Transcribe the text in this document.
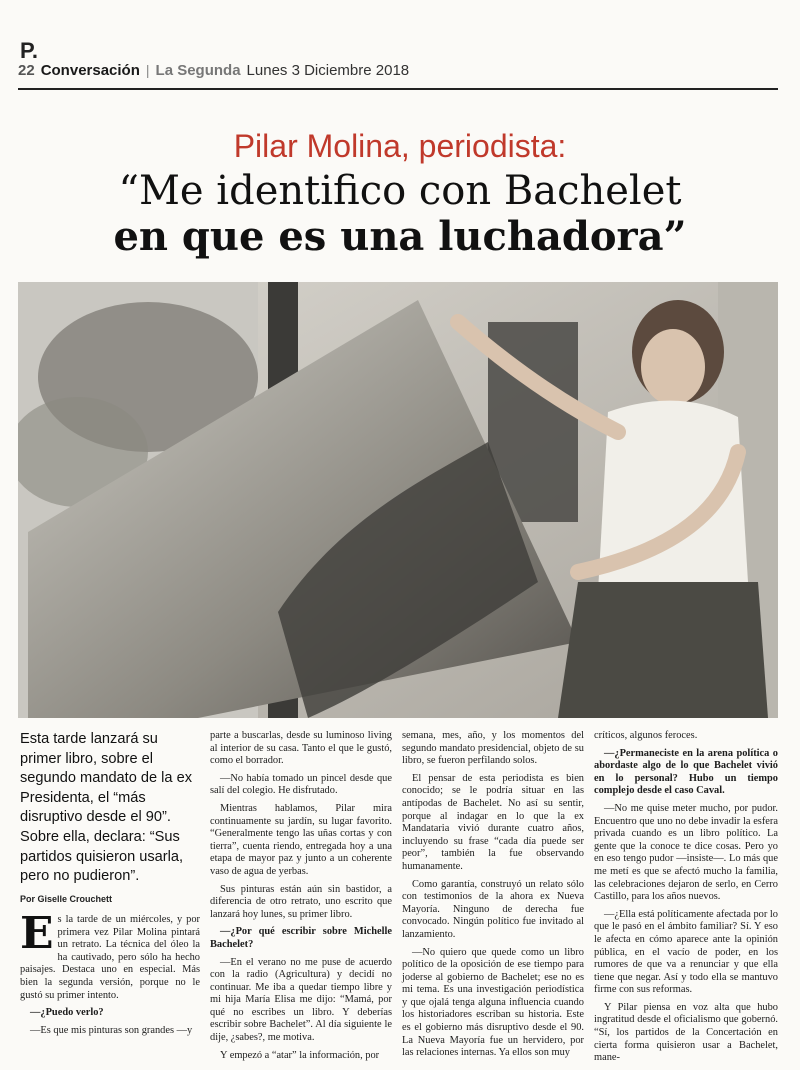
P.
22 Conversación | La Segunda Lunes 3 Diciembre 2018
Pilar Molina, periodista:
“Me identifico con Bachelet
en que es una luchadora”
Esta tarde lanzará su primer libro, sobre el segundo mandato de la ex Presidenta, el “más disruptivo desde el 90”. Sobre ella, declara: “Sus partidos quisieron usarla, pero no pudieron”.
Por Giselle Crouchett

Es la tarde de un miércoles, y por primera vez Pilar Molina pintará un retrato. La técnica del óleo la ha cautivado, pero sólo ha hecho paisajes. Destaca uno en especial. Más bien la segunda versión, porque no le gustó su primer intento.

—¿Puedo verlo?

—Es que mis pinturas son grandes —y

parte a buscarlas, desde su luminoso living al interior de su casa. Tanto el que le gustó, como el borrador.

—No había tomado un pincel desde que salí del colegio. He disfrutado.

Mientras hablamos, Pilar mira continuamente su jardín, su lugar favorito. “Generalmente tengo las uñas cortas y con tierra”, cuenta riendo, entregada hoy a una etapa de mayor paz y junto a un coherente vaso de agua de yerbas.

Sus pinturas están aún sin bastidor, a diferencia de otro retrato, uno escrito que lanzará hoy lunes, su primer libro.

—¿Por qué escribir sobre Michelle Bachelet?

—En el verano no me puse de acuerdo con la radio (Agricultura) y decidí no continuar. Me iba a quedar tiempo libre y mi hija María Elisa me dijo: “Mamá, por qué no escribes un libro. Y deberías escribir sobre Bachelet”. Al día siguiente le dije, ¿sabes?, me motiva.

Y empezó a “atar” la información, por

semana, mes, año, y los momentos del segundo mandato presidencial, objeto de su libro, se fueron perfilando solos.

El pensar de esta periodista es bien conocido; se le podría situar en las antípodas de Bachelet. No así su sentir, porque al indagar en lo que la ex Mandataria vivió durante cuatro años, incluyendo su frase “cada día puede ser peor”, también la fue observando humanamente.

Como garantía, construyó un relato sólo con testimonios de la ahora ex Nueva Mayoría. Ninguno de derecha fue convocado. Ningún político fue invitado al lanzamiento.

—No quiero que quede como un libro político de la oposición de ese tiempo para joderse al gobierno de Bachelet; ese no es mi tema. Es una investigación periodística y que ojalá tenga alguna influencia cuando los historiadores escriban su historia. Este es el gobierno más disruptivo desde el 90. La Nueva Mayoría fue un hervidero, por las relaciones internas. Ya ellos son muy

críticos, algunos feroces.

—¿Permaneciste en la arena política o abordaste algo de lo que Bachelet vivió en lo personal? Hubo un tiempo complejo desde el caso Caval.

—No me quise meter mucho, por pudor. Encuentro que uno no debe invadir la esfera privada cuando es un libro político. La gente que la conoce te dice cosas. Pero yo en eso tengo pudor —insiste—. Lo más que me metí es que se afectó mucho la familia, las celebraciones dejaron de serlo, en Cerro Castillo, para los años nuevos.

—¿Ella está políticamente afectada por lo que le pasó en el ámbito familiar? Sí. Y eso le afecta en cómo aparece ante la opinión pública, en el vacío de poder, en los rumores de que va a renunciar y que ella tiene que negar. Así y todo ella se mantuvo firme con sus reformas.

Y Pilar piensa en voz alta que hubo ingratitud desde el oficialismo que gobernó. “Sí, los partidos de la Concertación en cierta forma quisieron usar a Bachelet, mane-
